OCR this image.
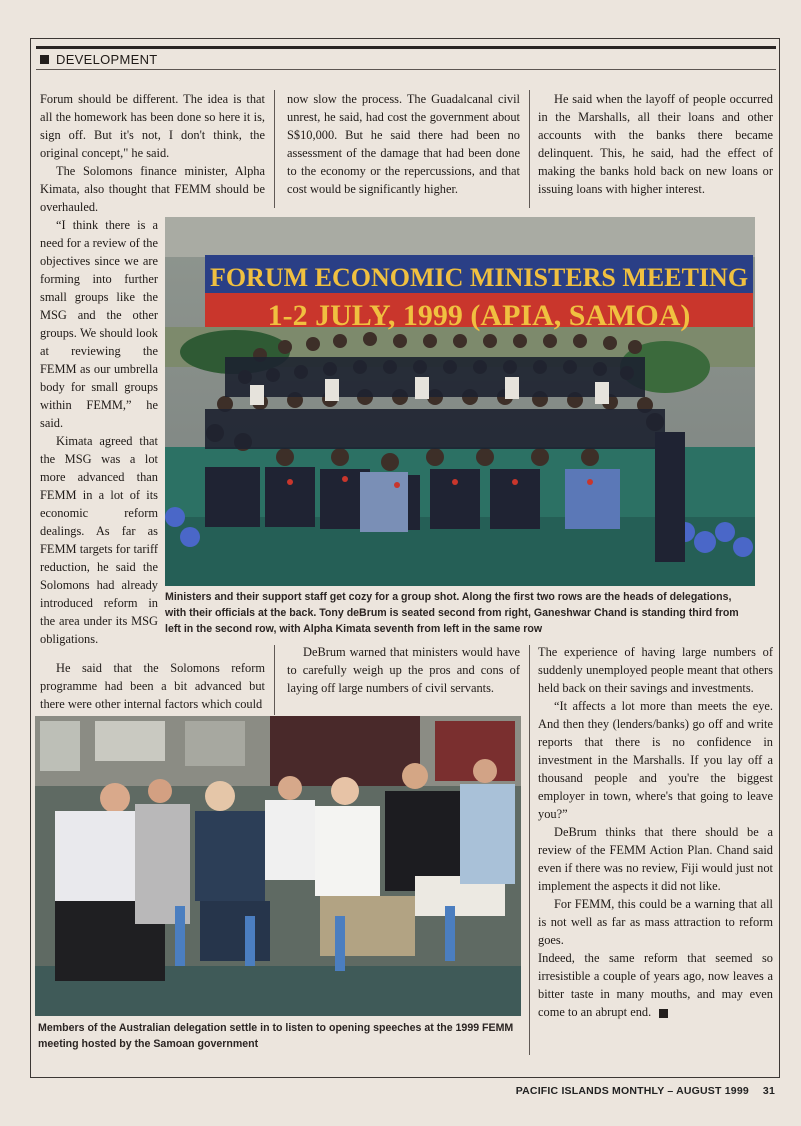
DEVELOPMENT

Forum should be different. The idea is that all the homework has been done so here it is, sign off. But it's not, I don't think, the original concept," he said.

The Solomons finance minister, Alpha Kimata, also thought that FEMM should be overhauled.

now slow the process. The Guadalcanal civil unrest, he said, had cost the government about S$10,000. But he said there had been no assessment of the damage that had been done to the economy or the repercussions, and that cost would be significantly higher.

He said when the layoff of people occurred in the Marshalls, all their loans and other accounts with the banks there became delinquent. This, he said, had the effect of making the banks hold back on new loans or issuing loans with higher interest.

“I think there is a need for a review of the objectives since we are forming into further small groups like the MSG and the other groups. We should look at reviewing the FEMM as our umbrella body for small groups within FEMM,” he said.

Kimata agreed that the MSG was a lot more advanced than FEMM in a lot of its economic reform dealings. As far as FEMM targets for tariff reduction, he said the Solomons had already introduced reform in the area under its MSG obligations.

FORUM ECONOMIC MINISTERS MEETING
1-2 JULY, 1999 (APIA, SAMOA)
Ministers and their support staff get cozy for a group shot. Along the first two rows are the heads of delegations, with their officials at the back. Tony deBrum is seated second from right, Ganeshwar Chand is standing third from left in the second row, with Alpha Kimata seventh from left in the same row

He said that the Solomons reform programme had been a bit advanced but there were other internal factors which could

DeBrum warned that ministers would have to carefully weigh up the pros and cons of laying off large numbers of civil servants.

The experience of having large numbers of suddenly unemployed people meant that others held back on their savings and investments.

“It affects a lot more than meets the eye. And then they (lenders/banks) go off and write reports that there is no confidence in investment in the Marshalls. If you lay off a thousand people and you're the biggest employer in town, where's that going to leave you?”

DeBrum thinks that there should be a review of the FEMM Action Plan. Chand said even if there was no review, Fiji would just not implement the aspects it did not like.

For FEMM, this could be a warning that all is not well as far as mass attraction to reform goes.

Indeed, the same reform that seemed so irresistible a couple of years ago, now leaves a bitter taste in many mouths, and may even come to an abrupt end.

Members of the Australian delegation settle in to listen to opening speeches at the 1999 FEMM meeting hosted by the Samoan government
PACIFIC ISLANDS MONTHLY – AUGUST 1999 31
